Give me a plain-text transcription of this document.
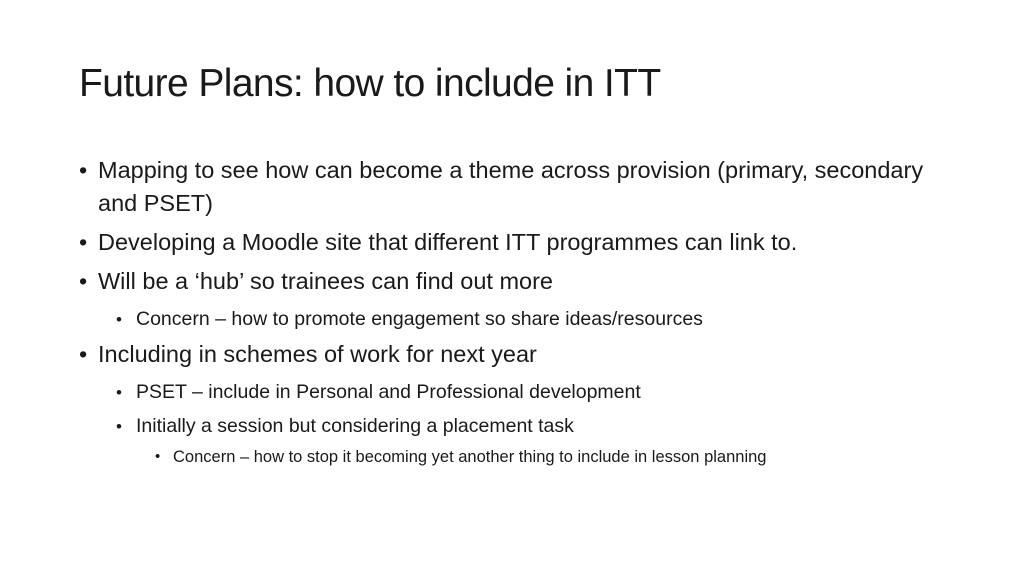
Future Plans: how to include in ITT
• Mapping to see how can become a theme across provision (primary, secondary and PSET)
• Developing a Moodle site that different ITT programmes can link to.
• Will be a ‘hub’ so trainees can find out more
• Concern – how to promote engagement so share ideas/resources
• Including in schemes of work for next year
• PSET – include in Personal and Professional development
• Initially a session but considering a placement task
• Concern – how to stop it becoming yet another thing to include in lesson planning
